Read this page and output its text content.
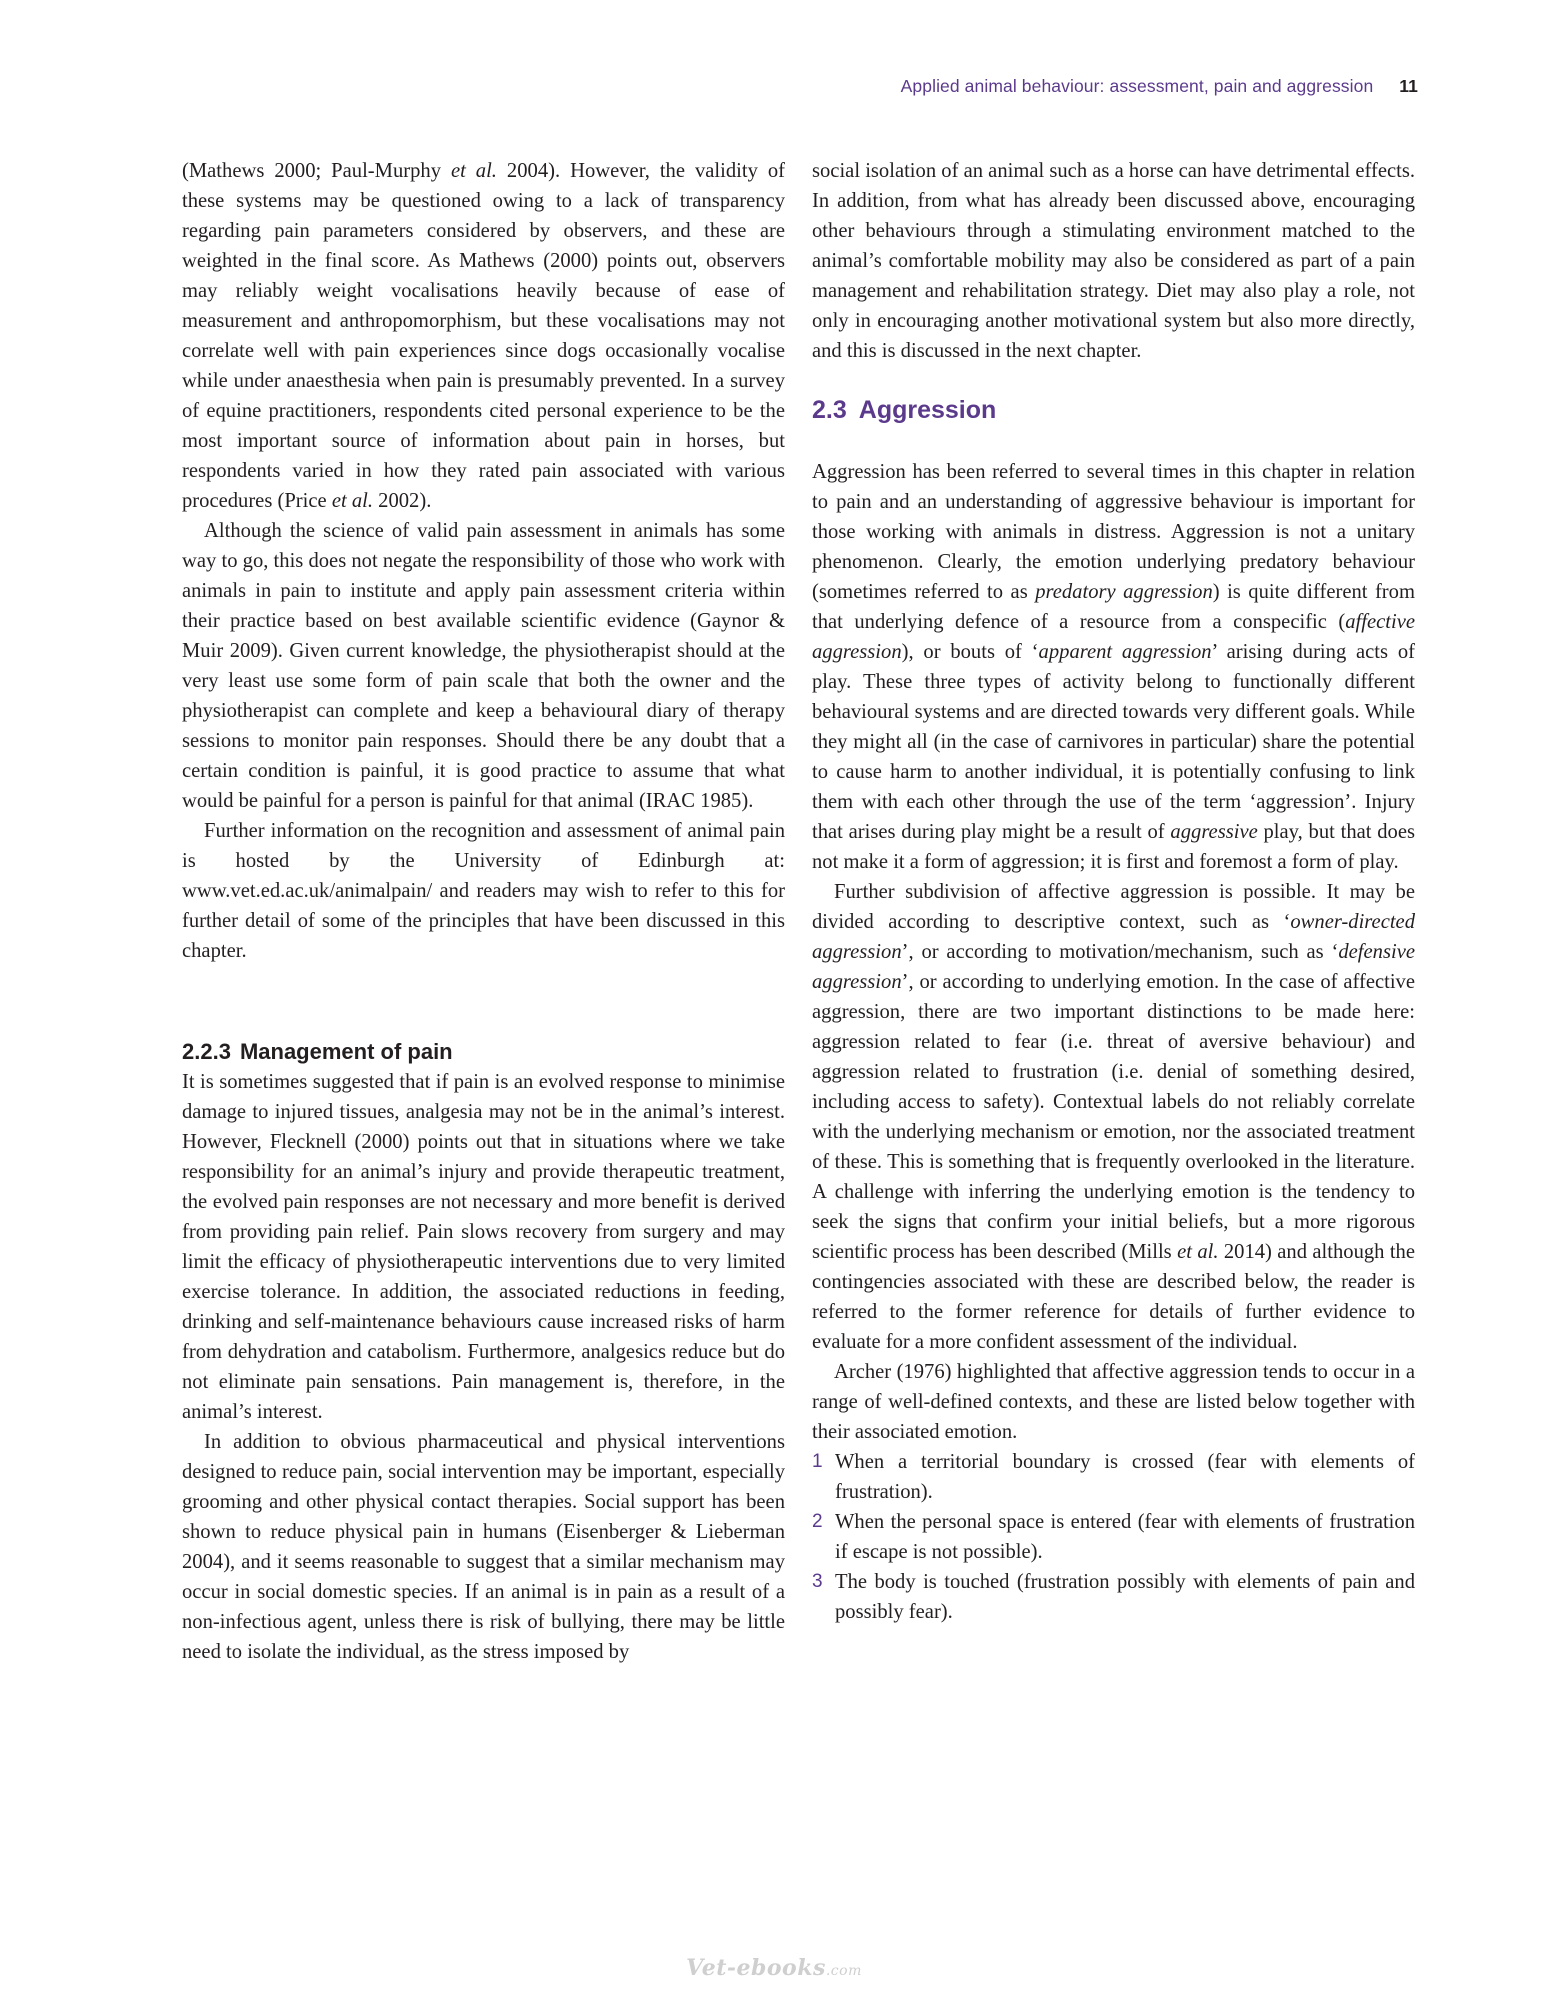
Applied animal behaviour: assessment, pain and aggression 11

(Mathews 2000; Paul-Murphy et al. 2004). However, the validity of these systems may be questioned owing to a lack of transparency regarding pain parameters considered by observers, and these are weighted in the final score. As Mathews (2000) points out, observers may reliably weight vocalisations heavily because of ease of measurement and anthropomorphism, but these vocalisations may not correlate well with pain experiences since dogs occasionally vocalise while under anaesthesia when pain is presumably prevented. In a survey of equine practitioners, respondents cited personal experience to be the most important source of information about pain in horses, but respondents varied in how they rated pain associated with various procedures (Price et al. 2002).

Although the science of valid pain assessment in animals has some way to go, this does not negate the responsibility of those who work with animals in pain to institute and apply pain assessment criteria within their practice based on best available scientific evidence (Gaynor & Muir 2009). Given current knowledge, the physiotherapist should at the very least use some form of pain scale that both the owner and the physiotherapist can complete and keep a behavioural diary of therapy sessions to monitor pain responses. Should there be any doubt that a certain condition is painful, it is good practice to assume that what would be painful for a person is painful for that animal (IRAC 1985).

Further information on the recognition and assessment of animal pain is hosted by the University of Edinburgh at: www.vet.ed.ac.uk/animalpain/ and readers may wish to refer to this for further detail of some of the principles that have been discussed in this chapter.

2.2.3 Management of pain

It is sometimes suggested that if pain is an evolved response to minimise damage to injured tissues, analgesia may not be in the animal’s interest. However, Flecknell (2000) points out that in situations where we take responsibility for an animal’s injury and provide therapeutic treatment, the evolved pain responses are not necessary and more benefit is derived from providing pain relief. Pain slows recovery from surgery and may limit the efficacy of physiotherapeutic interventions due to very limited exercise tolerance. In addition, the associated reductions in feeding, drinking and self-maintenance behaviours cause increased risks of harm from dehydration and catabolism. Furthermore, analgesics reduce but do not eliminate pain sensations. Pain management is, therefore, in the animal’s interest.

In addition to obvious pharmaceutical and physical interventions designed to reduce pain, social intervention may be important, especially grooming and other physical contact therapies. Social support has been shown to reduce physical pain in humans (Eisenberger & Lieberman 2004), and it seems reasonable to suggest that a similar mechanism may occur in social domestic species. If an animal is in pain as a result of a non-infectious agent, unless there is risk of bullying, there may be little need to isolate the individual, as the stress imposed by

social isolation of an animal such as a horse can have detrimental effects. In addition, from what has already been discussed above, encouraging other behaviours through a stimulating environment matched to the animal’s comfortable mobility may also be considered as part of a pain management and rehabilitation strategy. Diet may also play a role, not only in encouraging another motivational system but also more directly, and this is discussed in the next chapter.

2.3 Aggression

Aggression has been referred to several times in this chapter in relation to pain and an understanding of aggressive behaviour is important for those working with animals in distress. Aggression is not a unitary phenomenon. Clearly, the emotion underlying predatory behaviour (sometimes referred to as predatory aggression) is quite different from that underlying defence of a resource from a conspecific (affective aggression), or bouts of ‘apparent aggression’ arising during acts of play. These three types of activity belong to functionally different behavioural systems and are directed towards very different goals. While they might all (in the case of carnivores in particular) share the potential to cause harm to another individual, it is potentially confusing to link them with each other through the use of the term ‘aggression’. Injury that arises during play might be a result of aggressive play, but that does not make it a form of aggression; it is first and foremost a form of play.

Further subdivision of affective aggression is possible. It may be divided according to descriptive context, such as ‘owner-directed aggression’, or according to motivation/mechanism, such as ‘defensive aggression’, or according to underlying emotion. In the case of affective aggression, there are two important distinctions to be made here: aggression related to fear (i.e. threat of aversive behaviour) and aggression related to frustration (i.e. denial of something desired, including access to safety). Contextual labels do not reliably correlate with the underlying mechanism or emotion, nor the associated treatment of these. This is something that is frequently overlooked in the literature. A challenge with inferring the underlying emotion is the tendency to seek the signs that confirm your initial beliefs, but a more rigorous scientific process has been described (Mills et al. 2014) and although the contingencies associated with these are described below, the reader is referred to the former reference for details of further evidence to evaluate for a more confident assessment of the individual.

Archer (1976) highlighted that affective aggression tends to occur in a range of well-defined contexts, and these are listed below together with their associated emotion.

1 When a territorial boundary is crossed (fear with elements of frustration).
2 When the personal space is entered (fear with elements of frustration if escape is not possible).
3 The body is touched (frustration possibly with elements of pain and possibly fear).
Vet-ebooks.com
